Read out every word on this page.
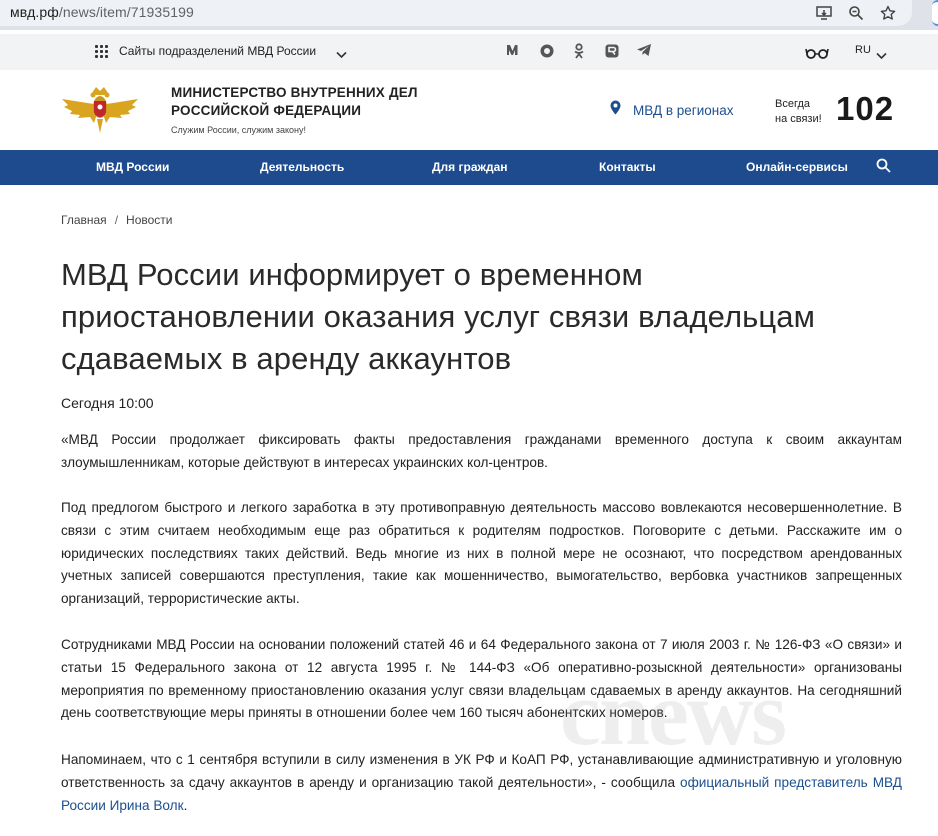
мвд.рф/news/item/71935199
Сайты подразделений МВД России	RU
МИНИСТЕРСТВО ВНУТРЕННИХ ДЕЛ
РОССИЙСКОЙ ФЕДЕРАЦИИ
Служим России, служим закону!
МВД в регионах	Всегда
на связи! 102
МВД России	Деятельность	Для граждан	Контакты	Онлайн-сервисы
Главная / Новости
МВД России информирует о временном приостановлении оказания услуг связи владельцам сдаваемых в аренду аккаунтов
Сегодня 10:00
«МВД России продолжает фиксировать факты предоставления гражданами временного доступа к своим аккаунтам злоумышленникам, которые действуют в интересах украинских кол-центров.
Под предлогом быстрого и легкого заработка в эту противоправную деятельность массово вовлекаются несовершеннолетние. В связи с этим считаем необходимым еще раз обратиться к родителям подростков. Поговорите с детьми. Расскажите им о юридических последствиях таких действий. Ведь многие из них в полной мере не осознают, что посредством арендованных учетных записей совершаются преступления, такие как мошенничество, вымогательство, вербовка участников запрещенных организаций, террористические акты.
Сотрудниками МВД России на основании положений статей 46 и 64 Федерального закона от 7 июля 2003 г. № 126-ФЗ «О связи» и статьи 15 Федерального закона от 12 августа 1995 г. № 144-ФЗ «Об оперативно-розыскной деятельности» организованы мероприятия по временному приостановлению оказания услуг связи владельцам сдаваемых в аренду аккаунтов. На сегодняшний день соответствующие меры приняты в отношении более чем 160 тысяч абонентских номеров.
Напоминаем, что с 1 сентября вступили в силу изменения в УК РФ и КоАП РФ, устанавливающие административную и уголовную ответственность за сдачу аккаунтов в аренду и организацию такой деятельности», - сообщила официальный представитель МВД России Ирина Волк.
cnews
